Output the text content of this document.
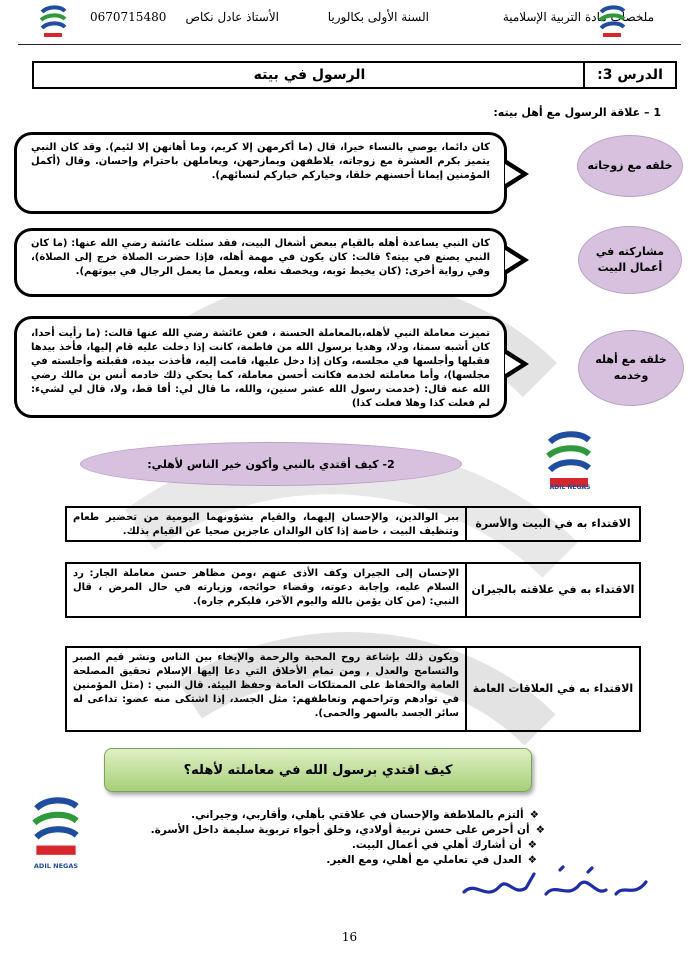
ملخصات مادة التربية الإسلامية
السنة الأولى بكالوريا
الأستاذ عادل نكاص
0670715480
الدرس 3:
الرسول في بيته
1 – علاقة الرسول مع أهل بيته:
كان دائما، يوصي بالنساء خيرا، قال (ما أكرمهن إلا كريم، وما أهانهن إلا لئيم). وقد كان النبي يتميز بكرم العشرة مع زوجاته، يلاطفهن ويمازحهن، ويعاملهن باحترام وإحسان. وقال (أكمل المؤمنين إيمانا أحسنهم خلقا، وخياركم خياركم لنسائهم).
خلقه مع زوجاته
كان النبي يساعدة أهله بالقيام ببعض أشغال البيت، فقد سئلت عائشة رضي الله عنها: (ما كان النبي يصنع في بيته؟ قالت: كان يكون في مهمة أهله، فإذا حضرت الصلاة خرج إلى الصلاة)، وفي رواية أخرى: (كان يخيط ثوبه، ويخصف نعله، ويعمل ما يعمل الرجال في بيوتهم).
مشاركته في أعمال البيت
تميزت معاملة النبي لأهله،بالمعاملة الحسنة ، فعن عائشة رضي الله عنها قالت: (ما رأيت أحدا، كان أشبه سمتا، ودلا، وهديا برسول الله من فاطمة، كانت إذا دخلت عليه قام إليها، فأخذ بيدها فقبلها وأجلسها في مجلسه، وكان إذا دخل عليها، قامت إليه، فأخذت بيده، فقبلته وأجلسته في مجلسها)، وأما معاملته لخدمه فكانت أحسن معاملة، كما يحكي ذلك خادمه أنس بن مالك رضي الله عنه قال: (خدمت رسول الله عشر سنين، والله، ما قال لي: أفا قط، ولا، قال لي لشيء: لم فعلت كذا وهلا فعلت كذا)
خلقه مع أهله وخدمه
2- كيف أقتدي بالنبي وأكون خير الناس لأهلي:
ADIL NEGAS
الاقتداء به في البيت والأسرة
ببر الوالدين، والإحسان إليهما، والقيام بشؤونهما اليومية من تحضير طعام وتنظيف البيت ، خاصة إذا كان الوالدان عاجزين صحيا عن القيام بذلك.
الاقتداء به في علاقته بالجيران
الإحسان إلى الجيران وكف الأذى عنهم ،ومن مظاهر حسن معاملة الجار: رد السلام عليه، وإجابة دعوته، وقضاء حوائجه، وزيارته في حال المرض ، قال النبي: (من كان يؤمن بالله واليوم الآخر، فليكرم جاره).
الاقتداء به في العلاقات العامة
ويكون ذلك بإشاعة روح المحبة والرحمة والإيخاء بين الناس ونشر قيم الصبر والتسامح والعدل , ومن تمام الأخلاق التي دعا إليها الإسلام تحقيق المصلحة العامة والحفاظ على الممتلكات العامة وحفظ البيئة. قال النبي : (مثل المؤمنين في توادهم وتراحمهم وتعاطفهم: مثل الجسد، إذا اشتكى منه عضو: تداعى له سائر الجسد بالسهر والحمى).
كيف اقتدي برسول الله في معاملته لأهله؟
ADIL NEGAS
❖ألتزم بالملاطفة والإحسان في علاقتي بأهلي، وأقاربي، وجيراني.
❖أن أحرص على حسن تربية أولادي، وخلق أجواء تربوية سليمة داخل الأسرة.
❖أن أشارك أهلي في أعمال البيت.
❖العدل في تعاملي مع أهلي، ومع الغير.
16
